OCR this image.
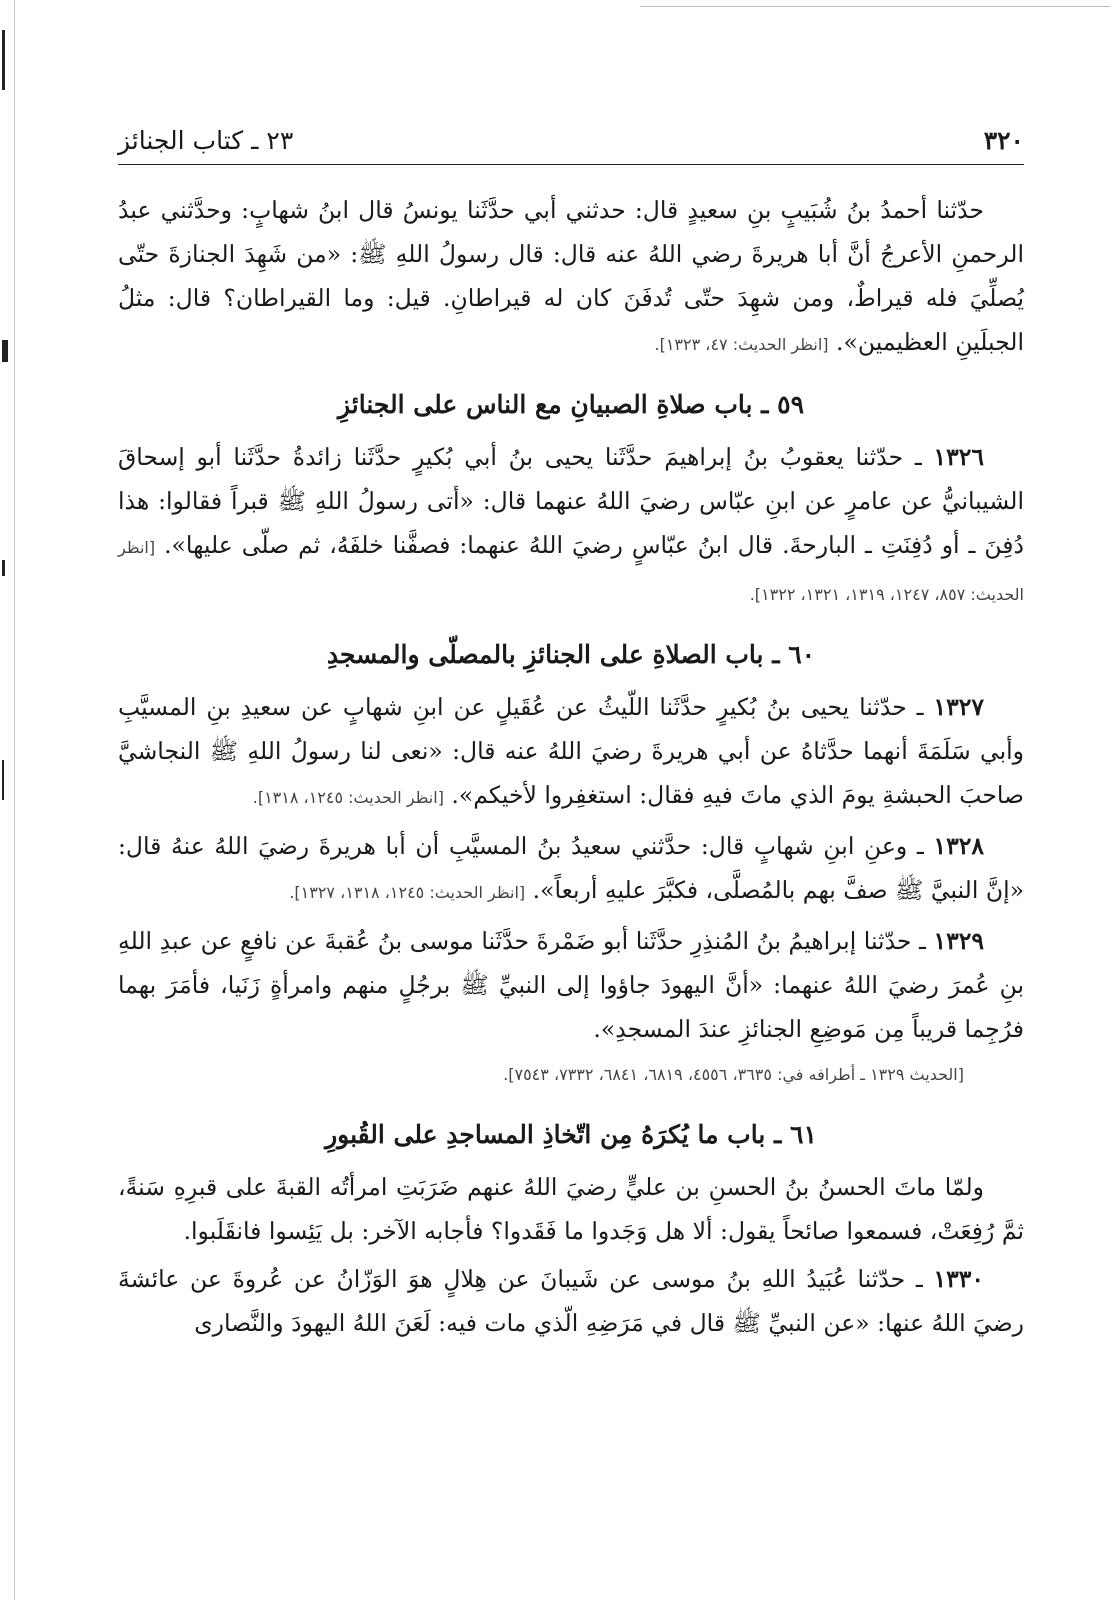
٣٢٠
٢٣ ـ كتاب الجنائز

حدّثنا أحمدُ بنُ شُبَيبٍ بنِ سعيدٍ قال: حدثني أبي حدَّثَنا يونسُ قال ابنُ شهابٍ: وحدَّثني عبدُ الرحمنِ الأعرجُ أنَّ أبا هريرةَ رضي اللهُ عنه قال: قال رسولُ اللهِ ﷺ: «من شَهِدَ الجنازةَ حتّى يُصلِّيَ فله قيراطٌ، ومن شهِدَ حتّى تُدفَنَ كان له قيراطانِ. قيل: وما القيراطان؟ قال: مثلُ الجبلَينِ العظيمين». [انظر الحديث: ٤٧، ١٣٢٣].

٥٩ ـ باب صلاةِ الصبيانِ مع الناس على الجنائزِ

١٣٢٦ ـ حدّثنا يعقوبُ بنُ إبراهيمَ حدَّثَنا يحيى بنُ أبي بُكيرٍ حدَّثَنا زائدةُ حدَّثَنا أبو إسحاقَ الشيبانيُّ عن عامرٍ عن ابنِ عبّاس رضيَ اللهُ عنهما قال: «أتى رسولُ اللهِ ﷺ قبراً فقالوا: هذا دُفِنَ ـ أو دُفِنَتِ ـ البارحةَ. قال ابنُ عبّاسٍ رضيَ اللهُ عنهما: فصفَّنا خلفَهُ، ثم صلّى عليها». [انظر الحديث: ٨٥٧، ١٢٤٧، ١٣١٩، ١٣٢١، ١٣٢٢].

٦٠ ـ باب الصلاةِ على الجنائزِ بالمصلّى والمسجدِ

١٣٢٧ ـ حدّثنا يحيى بنُ بُكيرٍ حدَّثَنا اللّيثُ عن عُقَيلٍ عن ابنِ شهابٍ عن سعيدِ بنِ المسيَّبِ وأبي سَلَمَةَ أنهما حدَّثاهُ عن أبي هريرةَ رضيَ اللهُ عنه قال: «نعى لنا رسولُ اللهِ ﷺ النجاشيَّ صاحبَ الحبشةِ يومَ الذي ماتَ فيهِ فقال: استغفِروا لأخيكم». [انظر الحديث: ١٢٤٥، ١٣١٨].

١٣٢٨ ـ وعنِ ابنِ شهابٍ قال: حدَّثني سعيدُ بنُ المسيَّبِ أن أبا هريرةَ رضيَ اللهُ عنهُ قال: «إنَّ النبيَّ ﷺ صفَّ بهم بالمُصلَّى، فكبَّرَ عليهِ أربعاً». [انظر الحديث: ١٢٤٥، ١٣١٨، ١٣٢٧].

١٣٢٩ ـ حدّثنا إبراهيمُ بنُ المُنذِرِ حدَّثَنا أبو ضَمْرةَ حدَّثَنا موسى بنُ عُقبةَ عن نافعٍ عن عبدِ اللهِ بنِ عُمرَ رضيَ اللهُ عنهما: «أنَّ اليهودَ جاؤوا إلى النبيِّ ﷺ برجُلٍ منهم وامرأةٍ زَنَيا، فأمَرَ بهما فرُجِما قريباً مِن مَوضِعِ الجنائزِ عندَ المسجدِ».

[الحديث ١٣٢٩ ـ أطرافه في: ٣٦٣٥، ٤٥٥٦، ٦٨١٩، ٦٨٤١، ٧٣٣٢، ٧٥٤٣].
٦١ ـ باب ما يُكرَهُ مِن اتّخاذِ المساجدِ على القُبورِ

ولمّا ماتَ الحسنُ بنُ الحسنِ بن عليٍّ رضيَ اللهُ عنهم ضَرَبَتِ امرأتُه القبةَ على قبرِهِ سَنةً، ثمَّ رُفِعَتْ، فسمعوا صائحاً يقول: ألا هل وَجَدوا ما فَقَدوا؟ فأجابه الآخر: بل يَئِسوا فانقَلَبوا.

١٣٣٠ ـ حدّثنا عُبَيدُ اللهِ بنُ موسى عن شَيبانَ عن هِلالٍ هوَ الوَزّانُ عن عُروةَ عن عائشةَ رضيَ اللهُ عنها: «عن النبيِّ ﷺ قال في مَرَضِهِ الّذي مات فيه: لَعَنَ اللهُ اليهودَ والنَّصارى
